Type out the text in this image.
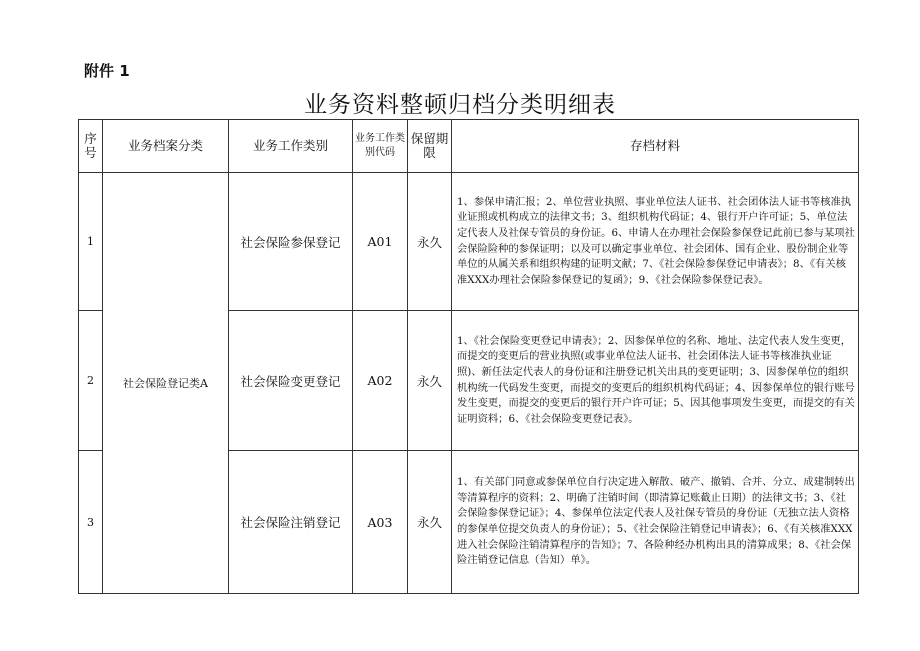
附件 1
业务资料整顿归档分类明细表
序号	业务档案分类	业务工作类别	业务工作类别代码	保留期限	存档材料
1	社会保险登记类A	社会保险参保登记	A01	永久	1、参保申请汇报；2、单位营业执照、事业单位法人证书、社会团体法人证书等核准执业证照或机构成立的法律文书；3、组织机构代码证；4、银行开户许可证；5、单位法定代表人及社保专管员的身份证。6、申请人在办理社会保险参保登记此前已参与某项社会保险险种的参保证明；以及可以确定事业单位、社会团体、国有企业、股份制企业等单位的从属关系和组织构建的证明文献；7、《社会保险参保登记申请表》；8、《有关核准XXX办理社会保险参保登记的复函》；9、《社会保险参保登记表》。
2		社会保险变更登记	A02	永久	1、《社会保险变更登记申请表》；2、因参保单位的名称、地址、法定代表人发生变更，而提交的变更后的营业执照(或事业单位法人证书、社会团体法人证书等核准执业证照)、新任法定代表人的身份证和注册登记机关出具的变更证明；3、因参保单位的组织机构统一代码发生变更，而提交的变更后的组织机构代码证；4、因参保单位的银行账号发生变更，而提交的变更后的银行开户许可证；5、因其他事项发生变更，而提交的有关证明资料；6、《社会保险变更登记表》。
3		社会保险注销登记	A03	永久	1、有关部门同意或参保单位自行决定进入解散、破产、撤销、合并、分立、成建制转出等清算程序的资料；2、明确了注销时间（即清算记账截止日期）的法律文书；3、《社会保险参保登记证》；4、参保单位法定代表人及社保专管员的身份证（无独立法人资格的参保单位提交负责人的身份证）；5、《社会保险注销登记申请表》；6、《有关核准XXX进入社会保险注销清算程序的告知》；7、各险种经办机构出具的清算成果；8、《社会保险注销登记信息（告知）单》。
